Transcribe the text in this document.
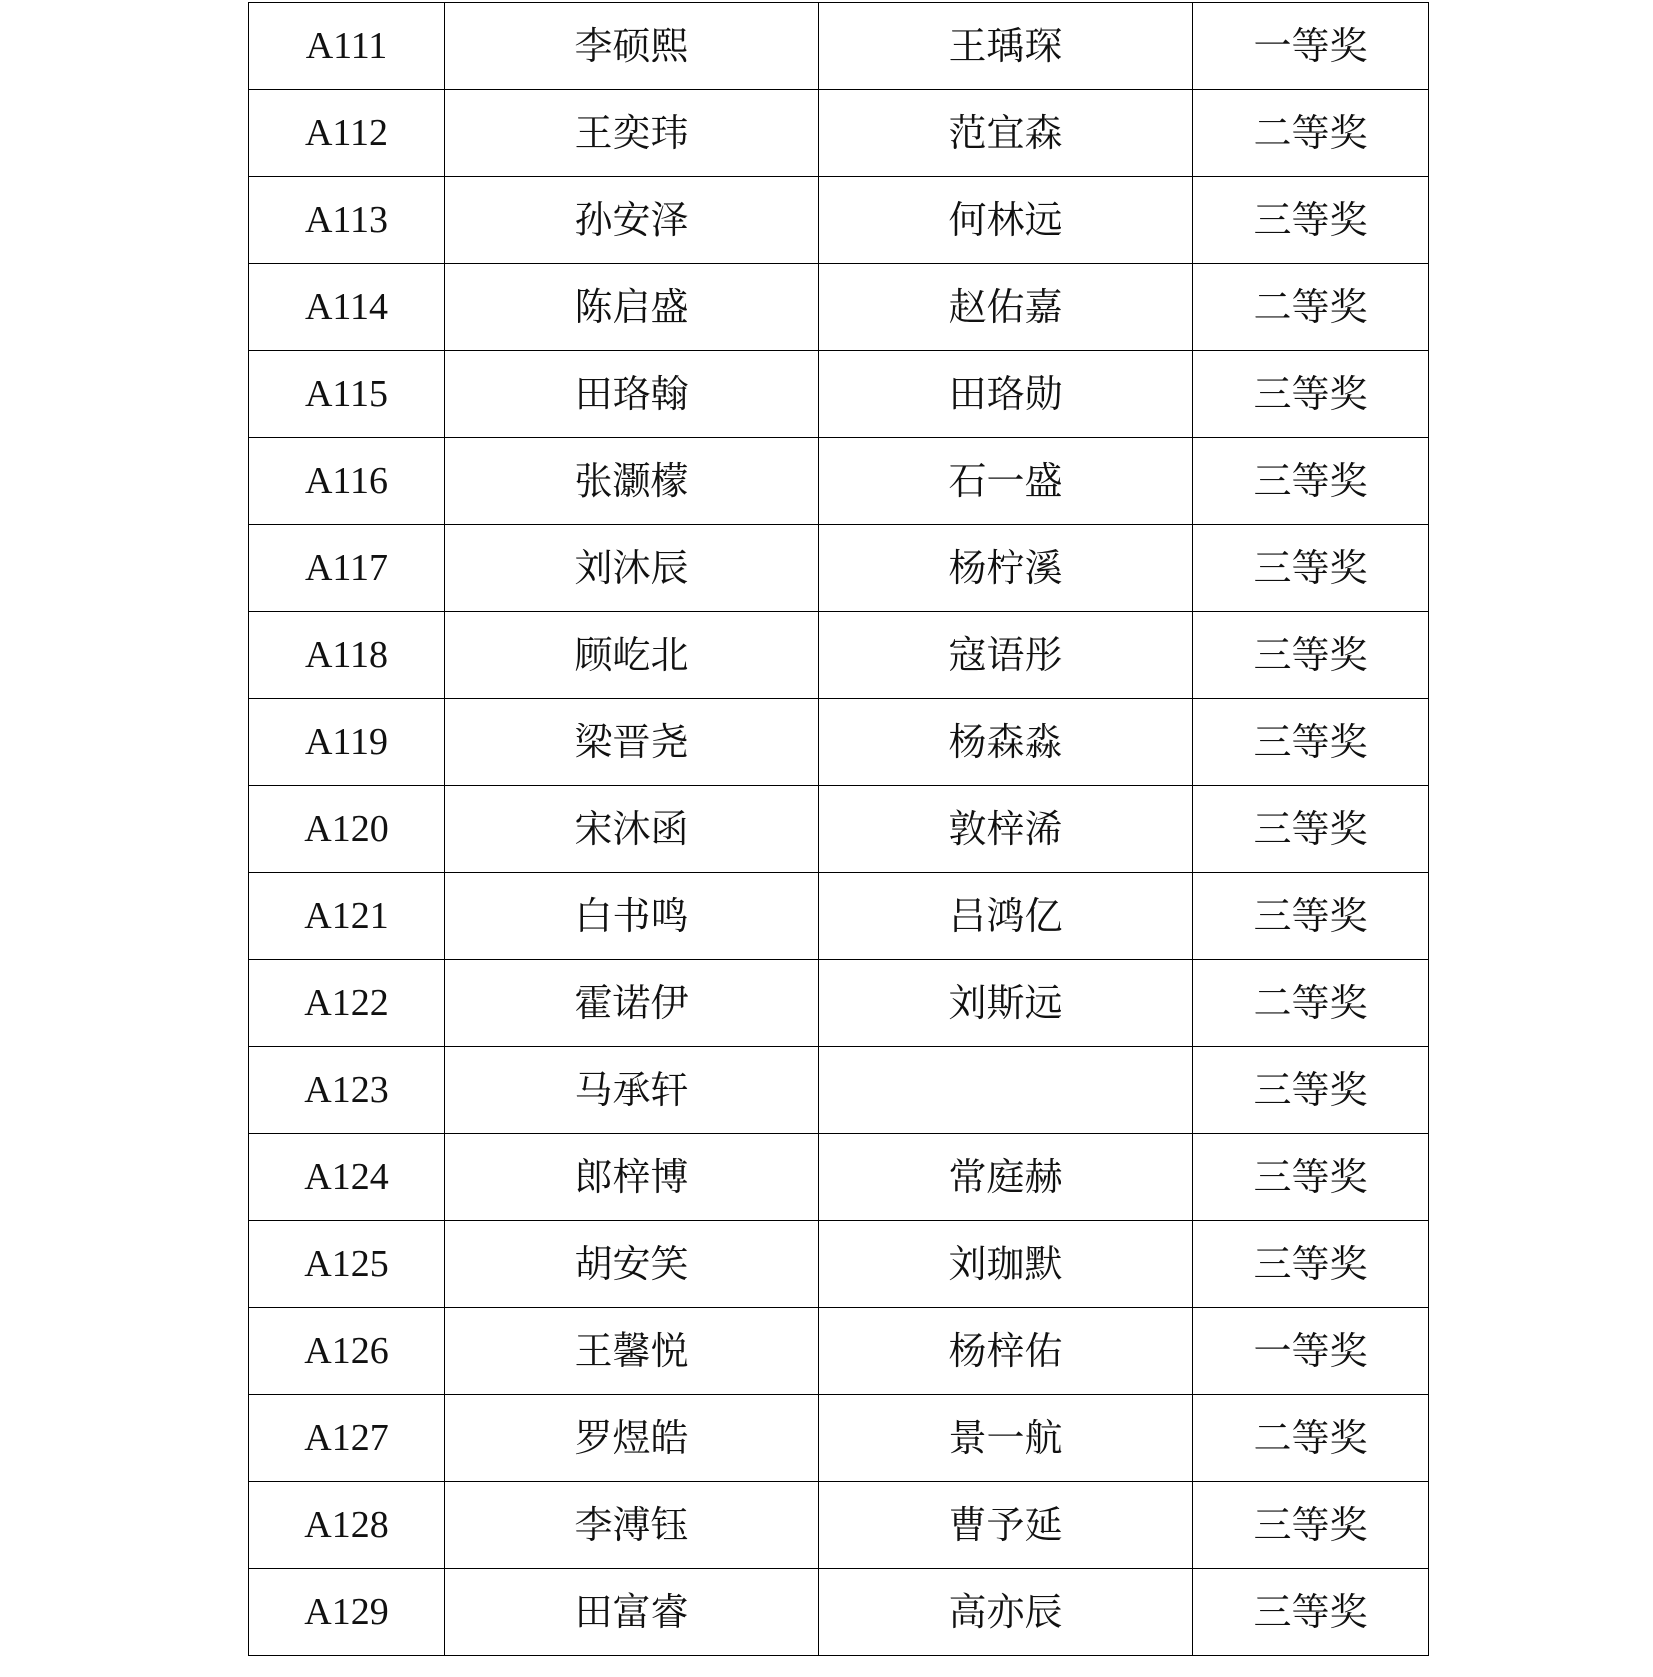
A111	李硕熙	王瑀琛	一等奖
A112	王奕玮	范宜森	二等奖
A113	孙安泽	何林远	三等奖
A114	陈启盛	赵佑嘉	二等奖
A115	田珞翰	田珞勋	三等奖
A116	张灏檬	石一盛	三等奖
A117	刘沐辰	杨柠溪	三等奖
A118	顾屹北	寇语彤	三等奖
A119	梁晋尧	杨森淼	三等奖
A120	宋沐函	敦梓浠	三等奖
A121	白书鸣	吕鸿亿	三等奖
A122	霍诺伊	刘斯远	二等奖
A123	马承轩		三等奖
A124	郎梓博	常庭赫	三等奖
A125	胡安笑	刘珈默	三等奖
A126	王馨悦	杨梓佑	一等奖
A127	罗煜皓	景一航	二等奖
A128	李溥钰	曹予延	三等奖
A129	田富睿	高亦辰	三等奖
